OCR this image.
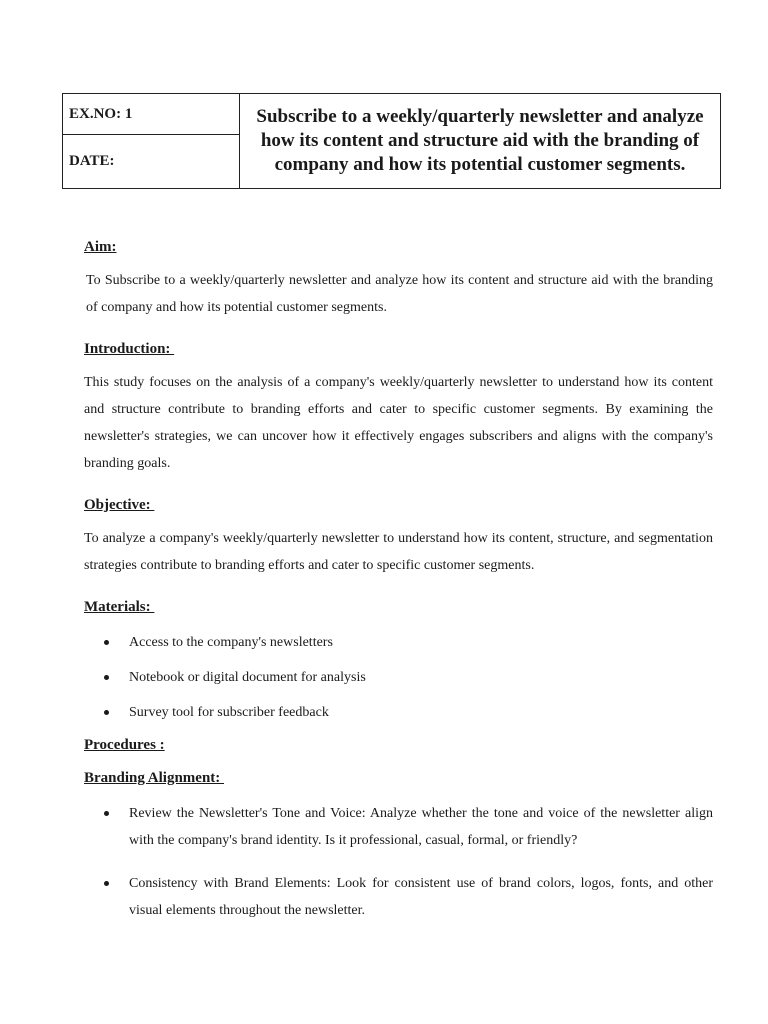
EX.NO: 1
DATE:
Subscribe to a weekly/quarterly newsletter and analyze how its content and structure aid with the branding of company and how its potential customer segments.
Aim:
To Subscribe to a weekly/quarterly newsletter and analyze how its content and structure aid with the branding of company and how its potential customer segments.
Introduction:
This study focuses on the analysis of a company's weekly/quarterly newsletter to understand how its content and structure contribute to branding efforts and cater to specific customer segments. By examining the newsletter's strategies, we can uncover how it effectively engages subscribers and aligns with the company's branding goals.
Objective:
To analyze a company's weekly/quarterly newsletter to understand how its content, structure, and segmentation strategies contribute to branding efforts and cater to specific customer segments.
Materials:
Access to the company's newsletters
Notebook or digital document for analysis
Survey tool for subscriber feedback
Procedures :
Branding Alignment:
Review the Newsletter's Tone and Voice: Analyze whether the tone and voice of the newsletter align with the company's brand identity. Is it professional, casual, formal, or friendly?
Consistency with Brand Elements: Look for consistent use of brand colors, logos, fonts, and other visual elements throughout the newsletter.
